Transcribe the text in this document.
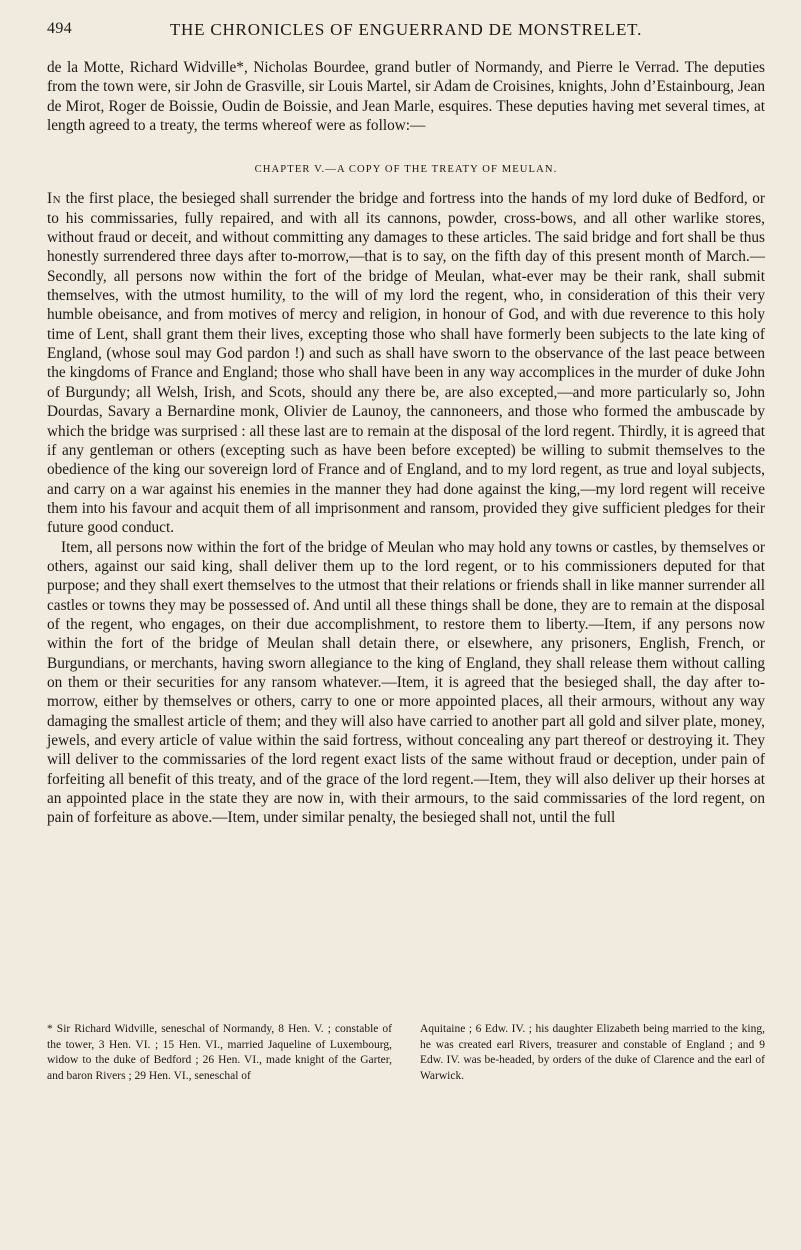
494	THE CHRONICLES OF ENGUERRAND DE MONSTRELET.

de la Motte, Richard Widville*, Nicholas Bourdee, grand butler of Normandy, and Pierre le Verrad. The deputies from the town were, sir John de Grasville, sir Louis Martel, sir Adam de Croisines, knights, John d’Estainbourg, Jean de Mirot, Roger de Boissie, Oudin de Boissie, and Jean Marle, esquires. These deputies having met several times, at length agreed to a treaty, the terms whereof were as follow:—

CHAPTER V.—A COPY OF THE TREATY OF MEULAN.

In the first place, the besieged shall surrender the bridge and fortress into the hands of my lord duke of Bedford, or to his commissaries, fully repaired, and with all its cannons, powder, cross-bows, and all other warlike stores, without fraud or deceit, and without committing any damages to these articles. The said bridge and fort shall be thus honestly surrendered three days after to-morrow,—that is to say, on the fifth day of this present month of March.—Secondly, all persons now within the fort of the bridge of Meulan, what-ever may be their rank, shall submit themselves, with the utmost humility, to the will of my lord the regent, who, in consideration of this their very humble obeisance, and from motives of mercy and religion, in honour of God, and with due reverence to this holy time of Lent, shall grant them their lives, excepting those who shall have formerly been subjects to the late king of England, (whose soul may God pardon !) and such as shall have sworn to the observance of the last peace between the kingdoms of France and England; those who shall have been in any way accomplices in the murder of duke John of Burgundy; all Welsh, Irish, and Scots, should any there be, are also excepted,—and more particularly so, John Dourdas, Savary a Bernardine monk, Olivier de Launoy, the cannoneers, and those who formed the ambuscade by which the bridge was surprised : all these last are to remain at the disposal of the lord regent. Thirdly, it is agreed that if any gentleman or others (excepting such as have been before excepted) be willing to submit themselves to the obedience of the king our sovereign lord of France and of England, and to my lord regent, as true and loyal subjects, and carry on a war against his enemies in the manner they had done against the king,—my lord regent will receive them into his favour and acquit them of all imprisonment and ransom, provided they give sufficient pledges for their future good conduct.

Item, all persons now within the fort of the bridge of Meulan who may hold any towns or castles, by themselves or others, against our said king, shall deliver them up to the lord regent, or to his commissioners deputed for that purpose; and they shall exert themselves to the utmost that their relations or friends shall in like manner surrender all castles or towns they may be possessed of. And until all these things shall be done, they are to remain at the disposal of the regent, who engages, on their due accomplishment, to restore them to liberty.—Item, if any persons now within the fort of the bridge of Meulan shall detain there, or elsewhere, any prisoners, English, French, or Burgundians, or merchants, having sworn allegiance to the king of England, they shall release them without calling on them or their securities for any ransom whatever.—Item, it is agreed that the besieged shall, the day after to-morrow, either by themselves or others, carry to one or more appointed places, all their armours, without any way damaging the smallest article of them; and they will also have carried to another part all gold and silver plate, money, jewels, and every article of value within the said fortress, without concealing any part thereof or destroying it. They will deliver to the commissaries of the lord regent exact lists of the same without fraud or deception, under pain of forfeiting all benefit of this treaty, and of the grace of the lord regent.—Item, they will also deliver up their horses at an appointed place in the state they are now in, with their armours, to the said commissaries of the lord regent, on pain of forfeiture as above.—Item, under similar penalty, the besieged shall not, until the full

* Sir Richard Widville, seneschal of Normandy, 8 Hen. V. ; constable of the tower, 3 Hen. VI. ; 15 Hen. VI., married Jaqueline of Luxembourg, widow to the duke of Bedford ; 26 Hen. VI., made knight of the Garter, and baron Rivers ; 29 Hen. VI., seneschal of
Aquitaine ; 6 Edw. IV. ; his daughter Elizabeth being married to the king, he was created earl Rivers, treasurer and constable of England ; and 9 Edw. IV. was be-headed, by orders of the duke of Clarence and the earl of Warwick.
